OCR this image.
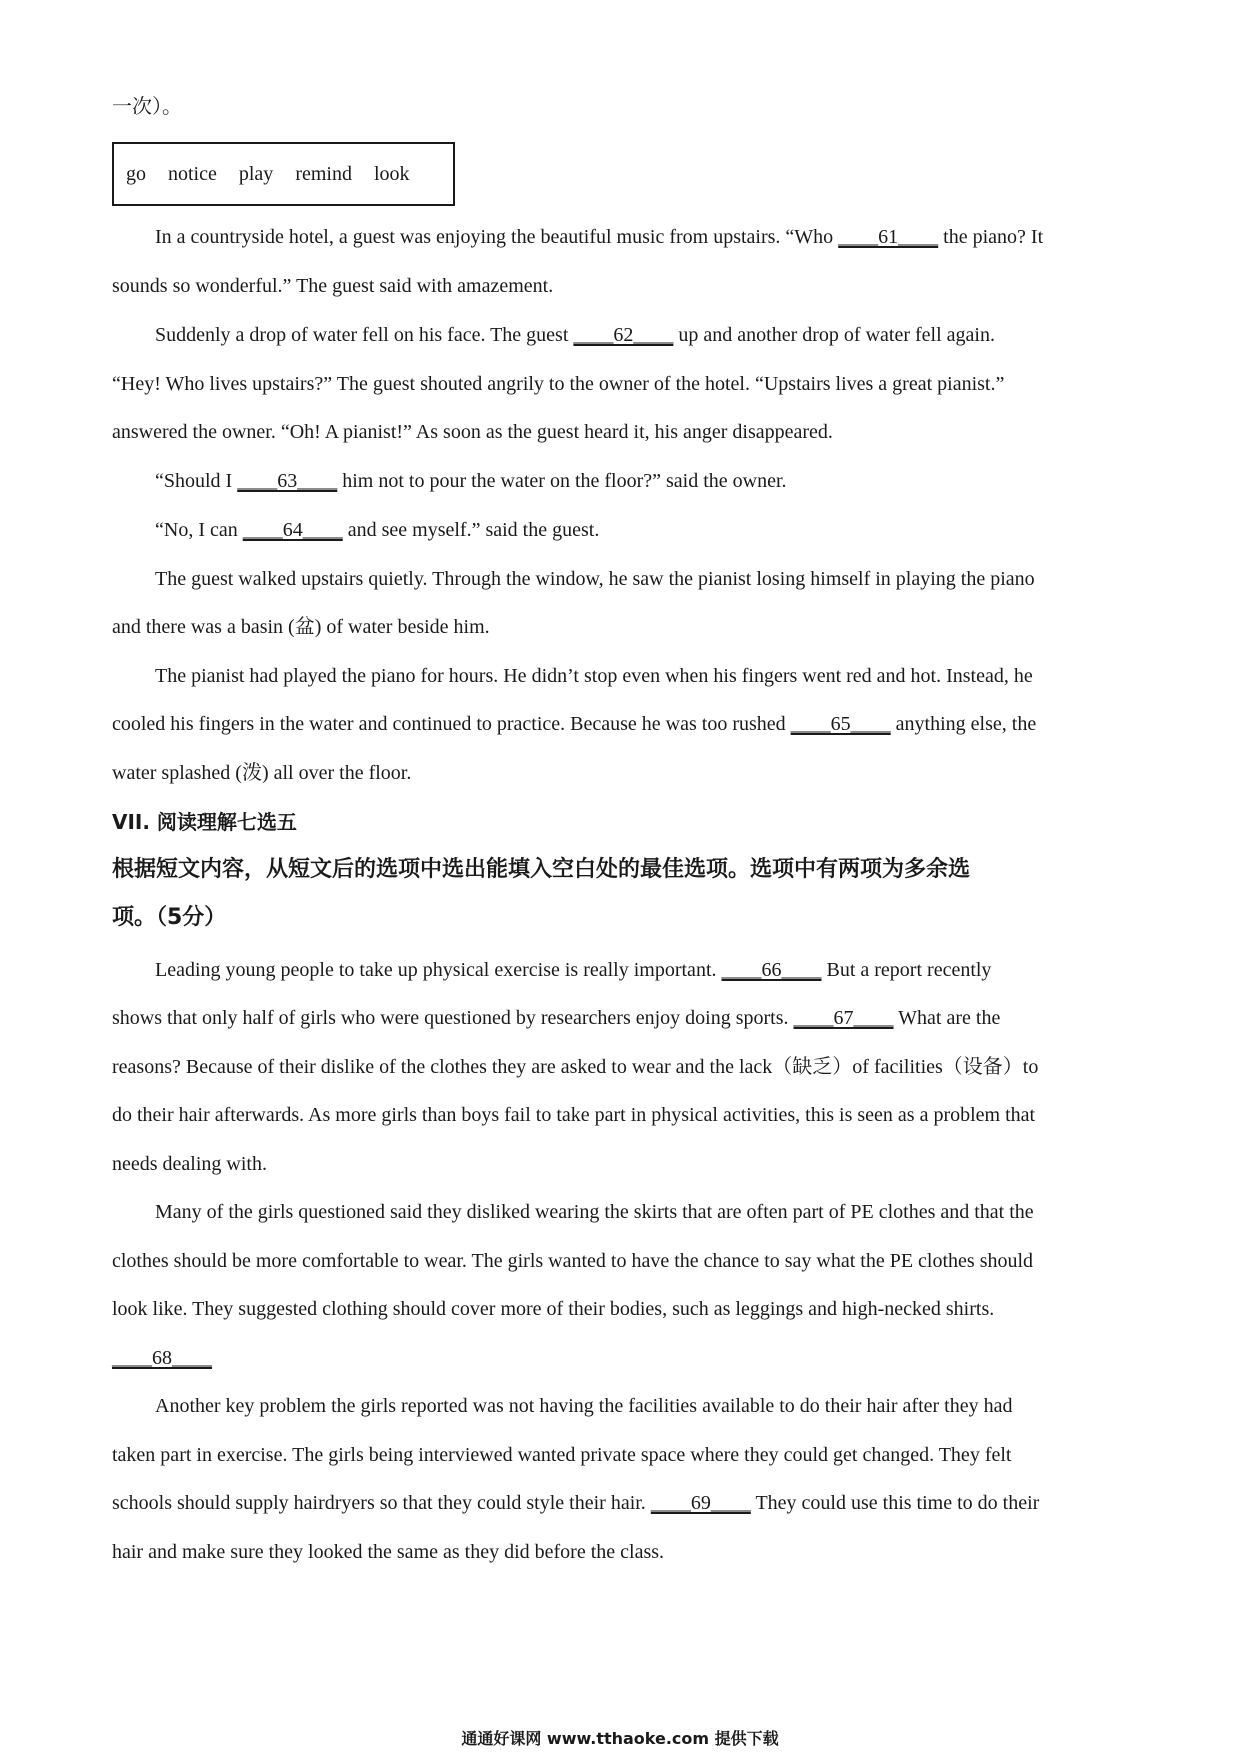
一次）。
go notice play remind look
In a countryside hotel, a guest was enjoying the beautiful music from upstairs. “Who ____61____ the piano? It
sounds so wonderful.” The guest said with amazement.
Suddenly a drop of water fell on his face. The guest ____62____ up and another drop of water fell again.
“Hey! Who lives upstairs?” The guest shouted angrily to the owner of the hotel. “Upstairs lives a great pianist.”
answered the owner. “Oh! A pianist!” As soon as the guest heard it, his anger disappeared.
“Should I ____63____ him not to pour the water on the floor?” said the owner.
“No, I can ____64____ and see myself.” said the guest.
The guest walked upstairs quietly. Through the window, he saw the pianist losing himself in playing the piano
and there was a basin (盆) of water beside him.
The pianist had played the piano for hours. He didn’t stop even when his fingers went red and hot. Instead, he
cooled his fingers in the water and continued to practice. Because he was too rushed ____65____ anything else, the
water splashed (泼) all over the floor.
VII. 阅读理解七选五
根据短文内容，从短文后的选项中选出能填入空白处的最佳选项。选项中有两项为多余选
项。（5分）
Leading young people to take up physical exercise is really important. ____66____ But a report recently
shows that only half of girls who were questioned by researchers enjoy doing sports. ____67____ What are the
reasons? Because of their dislike of the clothes they are asked to wear and the lack（缺乏）of facilities（设备）to
do their hair afterwards. As more girls than boys fail to take part in physical activities, this is seen as a problem that
needs dealing with.
Many of the girls questioned said they disliked wearing the skirts that are often part of PE clothes and that the
clothes should be more comfortable to wear. The girls wanted to have the chance to say what the PE clothes should
look like. They suggested clothing should cover more of their bodies, such as leggings and high-necked shirts.
____68____
Another key problem the girls reported was not having the facilities available to do their hair after they had
taken part in exercise. The girls being interviewed wanted private space where they could get changed. They felt
schools should supply hairdryers so that they could style their hair. ____69____ They could use this time to do their
hair and make sure they looked the same as they did before the class.
通通好课网 www.tthaoke.com 提供下载
